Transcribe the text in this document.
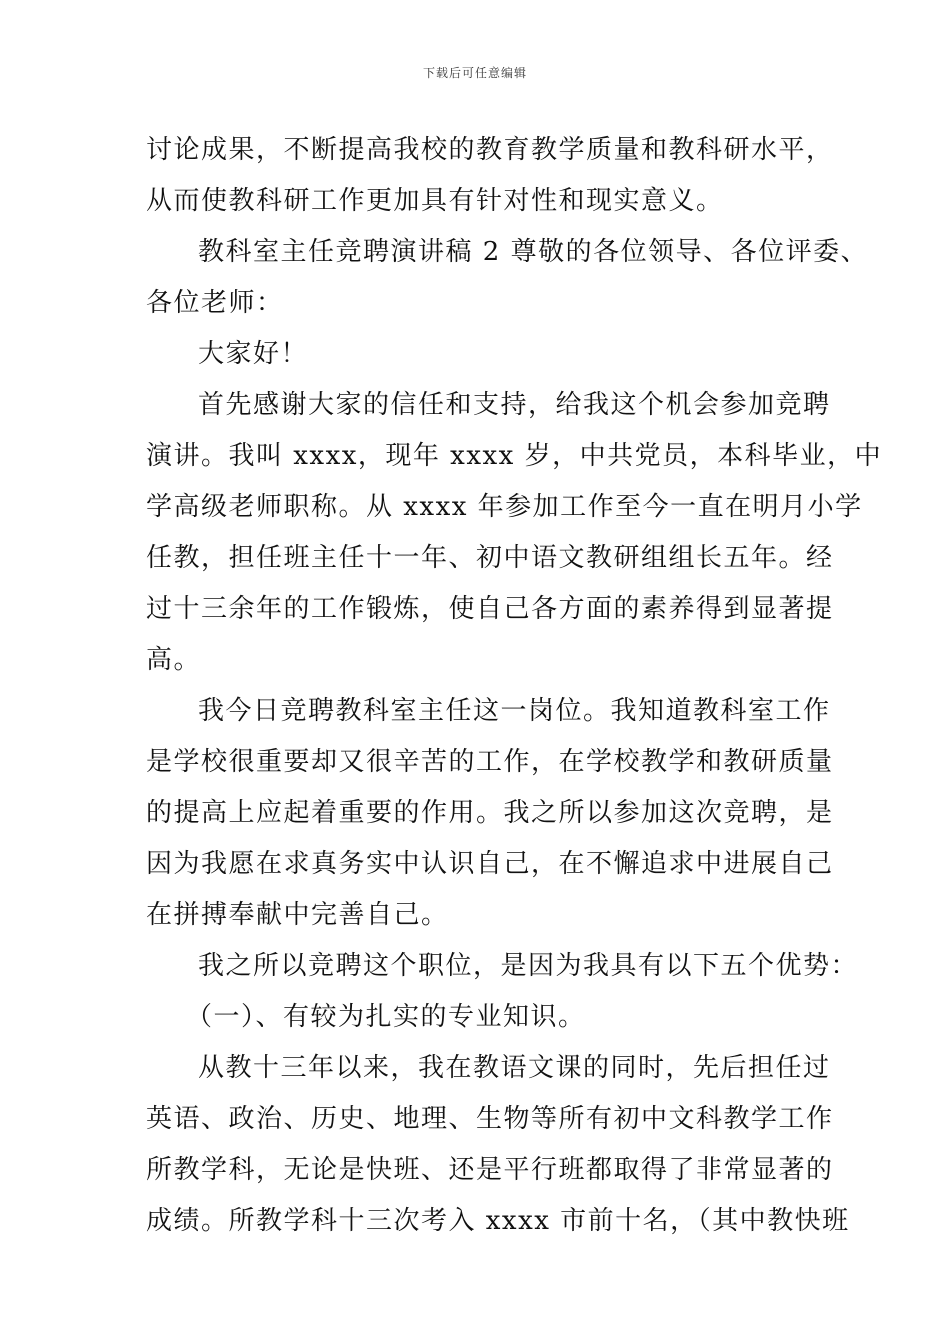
下载后可任意编辑
讨论成果，不断提高我校的教育教学质量和教科研水平，
从而使教科研工作更加具有针对性和现实意义。
教科室主任竞聘演讲稿 2 尊敬的各位领导、各位评委、
各位老师：
大家好！
首先感谢大家的信任和支持，给我这个机会参加竞聘
演讲。我叫 xxxx，现年 xxxx 岁，中共党员，本科毕业，中
学高级老师职称。从 xxxx 年参加工作至今一直在明月小学
任教，担任班主任十一年、初中语文教研组组长五年。经
过十三余年的工作锻炼，使自己各方面的素养得到显著提
高。
我今日竞聘教科室主任这一岗位。我知道教科室工作
是学校很重要却又很辛苦的工作，在学校教学和教研质量
的提高上应起着重要的作用。我之所以参加这次竞聘，是
因为我愿在求真务实中认识自己，在不懈追求中进展自己
在拼搏奉献中完善自己。
我之所以竞聘这个职位，是因为我具有以下五个优势：
（一）、有较为扎实的专业知识。
从教十三年以来，我在教语文课的同时，先后担任过
英语、政治、历史、地理、生物等所有初中文科教学工作
所教学科，无论是快班、还是平行班都取得了非常显著的
成绩。所教学科十三次考入 xxxx 市前十名，（其中教快班
